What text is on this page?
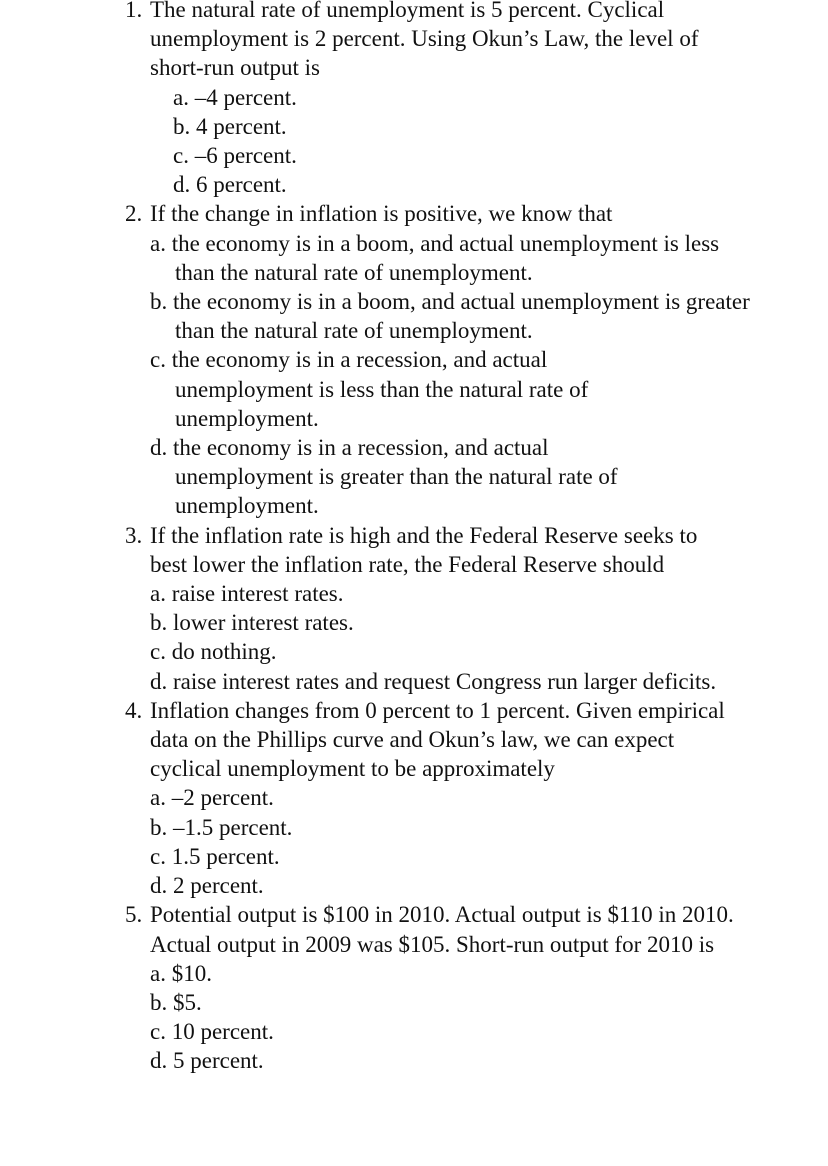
1. The natural rate of unemployment is 5 percent. Cyclical unemployment is 2 percent. Using Okun’s Law, the level of short-run output is
a. –4 percent.
b. 4 percent.
c. –6 percent.
d. 6 percent.
2. If the change in inflation is positive, we know that
a. the economy is in a boom, and actual unemployment is less than the natural rate of unemployment.
b. the economy is in a boom, and actual unemployment is greater than the natural rate of unemployment.
c. the economy is in a recession, and actual unemployment is less than the natural rate of unemployment.
d. the economy is in a recession, and actual unemployment is greater than the natural rate of unemployment.
3. If the inflation rate is high and the Federal Reserve seeks to best lower the inflation rate, the Federal Reserve should
a. raise interest rates.
b. lower interest rates.
c. do nothing.
d. raise interest rates and request Congress run larger deficits.
4. Inflation changes from 0 percent to 1 percent. Given empirical data on the Phillips curve and Okun’s law, we can expect cyclical unemployment to be approximately
a. –2 percent.
b. –1.5 percent.
c. 1.5 percent.
d. 2 percent.
5. Potential output is $100 in 2010. Actual output is $110 in 2010. Actual output in 2009 was $105. Short-run output for 2010 is
a. $10.
b. $5.
c. 10 percent.
d. 5 percent.
